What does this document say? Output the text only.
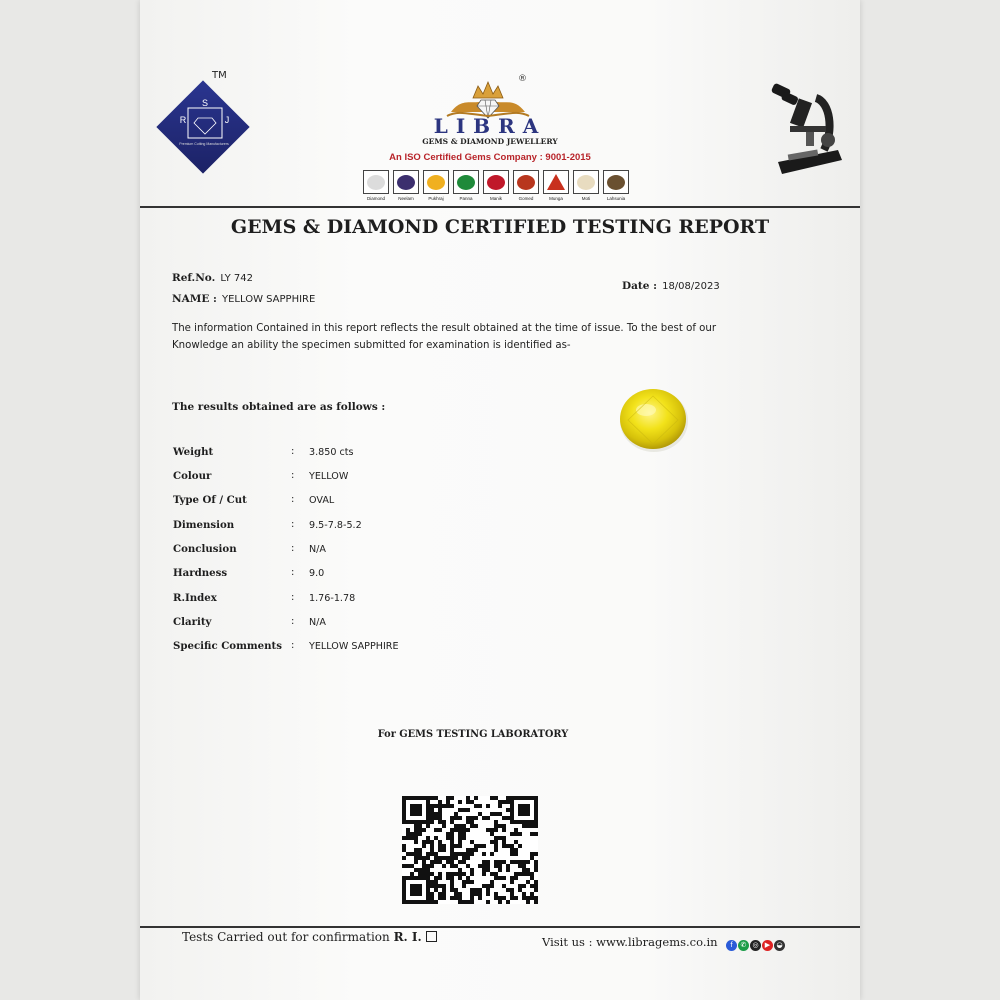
S
R	J
Premium Cutting Manufacturers
TM	®
LIBRA
GEMS & DIAMOND JEWELLERY
An ISO Certified Gems Company : 9001-2015
Diamond	Neelam	Pukhraj	Panna	Manik	Gomed	Munga	Moti	Lahsunia
GEMS & DIAMOND CERTIFIED TESTING REPORT
Ref.No. LY 742
NAME : YELLOW SAPPHIRE
Date : 18/08/2023
The information Contained in this report reflects the result obtained at the time of issue. To the best of our
Knowledge an ability the specimen submitted for examination is identified as-
The results obtained are as follows :
Weight	: 3.850 cts
Colour	: YELLOW
Type Of / Cut	: OVAL
Dimension	: 9.5-7.8-5.2
Conclusion	: N/A
Hardness	: 9.0
R.Index	: 1.76-1.78
Clarity	: N/A
Specific Comments : YELLOW SAPPHIRE
For GEMS TESTING LABORATORY
Tests Carried out for confirmation R. I.	Visit us : www.libragems.co.in	f	✆ ◎ ▶ ◒
